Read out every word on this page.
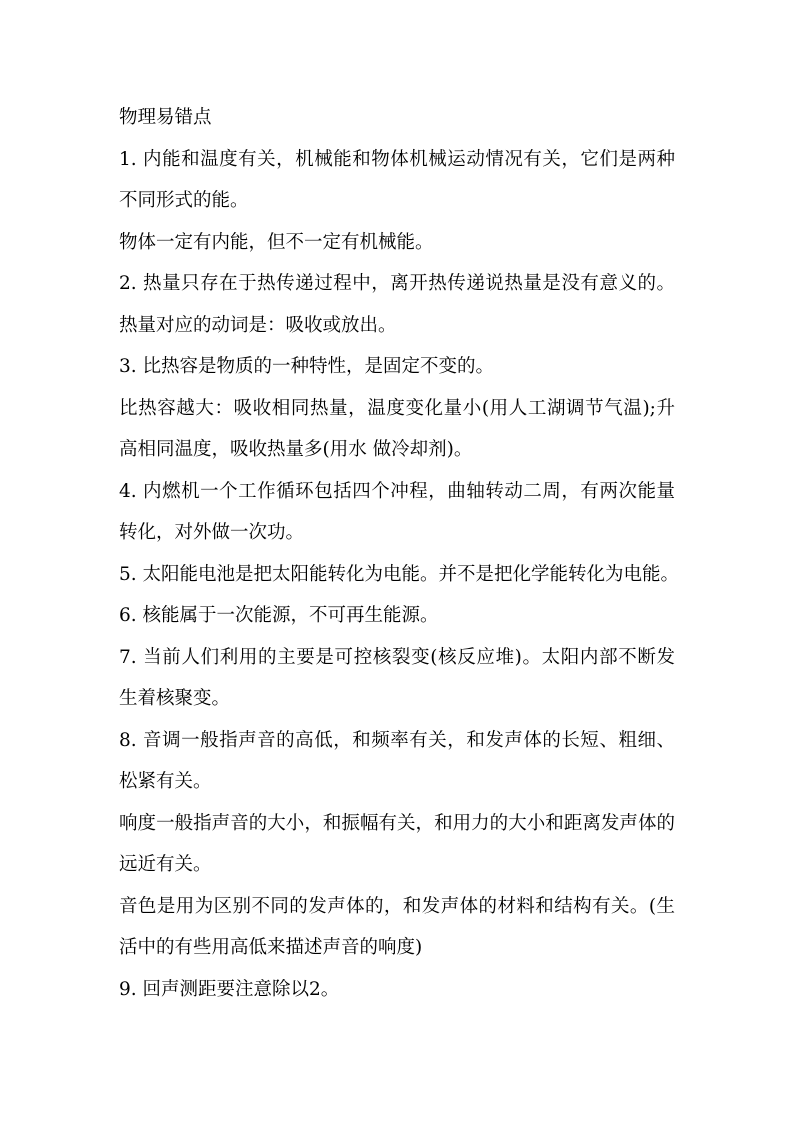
物理易错点
1. 内能和温度有关，机械能和物体机械运动情况有关，它们是两种
不同形式的能。
物体一定有内能，但不一定有机械能。
2. 热量只存在于热传递过程中，离开热传递说热量是没有意义的。
热量对应的动词是：吸收或放出。
3. 比热容是物质的一种特性，是固定不变的。
比热容越大：吸收相同热量，温度变化量小(用人工湖调节气温);升
高相同温度，吸收热量多(用水 做冷却剂)。
4. 内燃机一个工作循环包括四个冲程，曲轴转动二周，有两次能量
转化，对外做一次功。
5. 太阳能电池是把太阳能转化为电能。并不是把化学能转化为电能。
6. 核能属于一次能源，不可再生能源。
7. 当前人们利用的主要是可控核裂变(核反应堆)。太阳内部不断发
生着核聚变。
8. 音调一般指声音的高低，和频率有关，和发声体的长短、粗细、
松紧有关。
响度一般指声音的大小，和振幅有关，和用力的大小和距离发声体的
远近有关。
音色是用为区别不同的发声体的，和发声体的材料和结构有关。(生
活中的有些用高低来描述声音的响度)
9. 回声测距要注意除以2。
